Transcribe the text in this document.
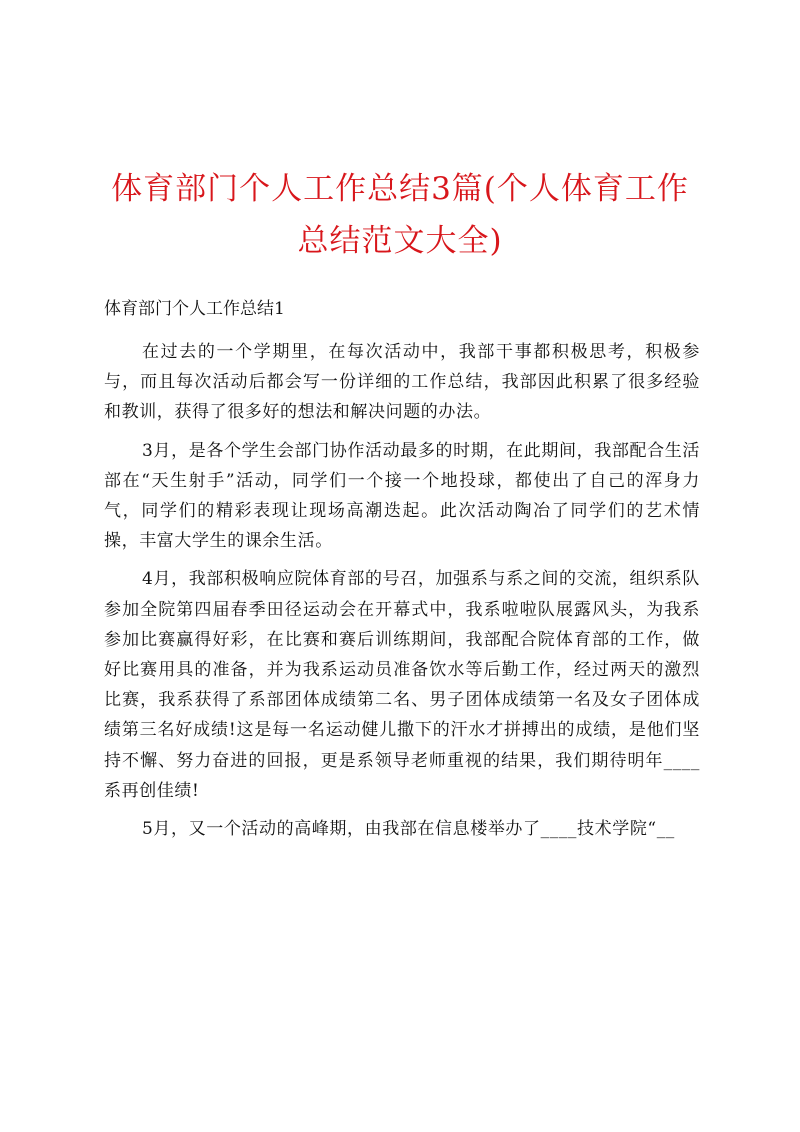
体育部门个人工作总结3篇(个人体育工作总结范文大全)

体育部门个人工作总结1

在过去的一个学期里，在每次活动中，我部干事都积极思考，积极参与，而且每次活动后都会写一份详细的工作总结，我部因此积累了很多经验和教训，获得了很多好的想法和解决问题的办法。

3月，是各个学生会部门协作活动最多的时期，在此期间，我部配合生活部在“天生射手”活动，同学们一个接一个地投球，都使出了自己的浑身力气，同学们的精彩表现让现场高潮迭起。此次活动陶冶了同学们的艺术情操，丰富大学生的课余生活。

4月，我部积极响应院体育部的号召，加强系与系之间的交流，组织系队参加全院第四届春季田径运动会在开幕式中，我系啦啦队展露风头，为我系参加比赛赢得好彩，在比赛和赛后训练期间，我部配合院体育部的工作，做好比赛用具的准备，并为我系运动员准备饮水等后勤工作，经过两天的激烈比赛，我系获得了系部团体成绩第二名、男子团体成绩第一名及女子团体成绩第三名好成绩!这是每一名运动健儿撒下的汗水才拼搏出的成绩，是他们坚持不懈、努力奋进的回报，更是系领导老师重视的结果，我们期待明年____系再创佳绩!

5月，又一个活动的高峰期，由我部在信息楼举办了____技术学院“__
